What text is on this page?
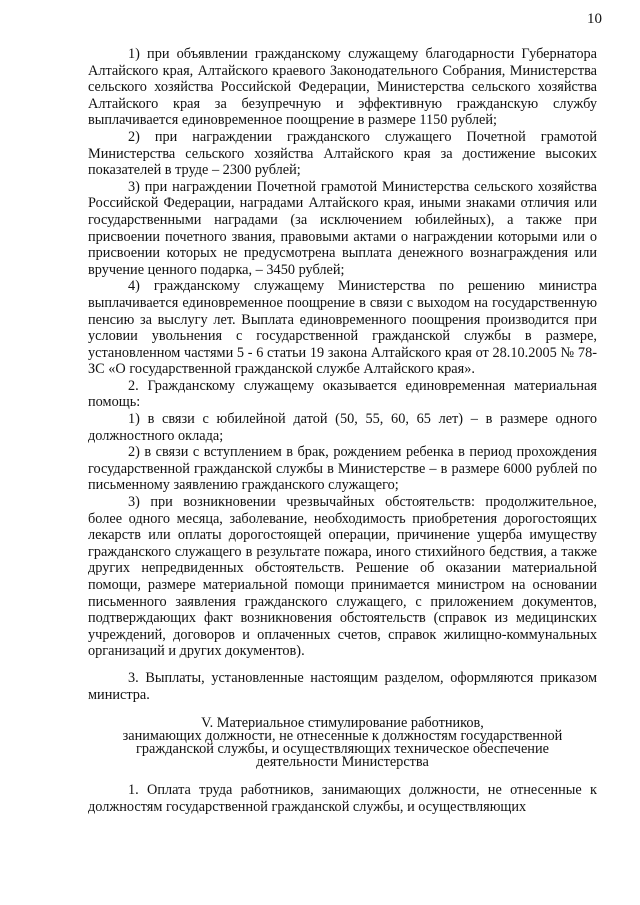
10

1) при объявлении гражданскому служащему благодарности Губернатора Алтайского края, Алтайского краевого Законодательного Собрания, Министерства сельского хозяйства Российской Федерации, Министерства сельского хозяйства Алтайского края за безупречную и эффективную гражданскую службу выплачивается единовременное поощрение в размере 1150 рублей;

2) при награждении гражданского служащего Почетной грамотой Министерства сельского хозяйства Алтайского края за достижение высоких показателей в труде – 2300 рублей;

3) при награждении Почетной грамотой Министерства сельского хозяйства Российской Федерации, наградами Алтайского края, иными знаками отличия или государственными наградами (за исключением юбилейных), а также при присвоении почетного звания, правовыми актами о награждении которыми или о присвоении которых не предусмотрена выплата денежного вознаграждения или вручение ценного подарка, – 3450 рублей;

4) гражданскому служащему Министерства по решению министра выплачивается единовременное поощрение в связи с выходом на государственную пенсию за выслугу лет. Выплата единовременного поощрения производится при условии увольнения с государственной гражданской службы в размере, установленном частями 5 - 6 статьи 19 закона Алтайского края от 28.10.2005 № 78-ЗС «О государственной гражданской службе Алтайского края».

2. Гражданскому служащему оказывается единовременная материальная помощь:

1) в связи с юбилейной датой (50, 55, 60, 65 лет) – в размере одного должностного оклада;

2) в связи с вступлением в брак, рождением ребенка в период прохождения государственной гражданской службы в Министерстве – в размере 6000 рублей по письменному заявлению гражданского служащего;

3) при возникновении чрезвычайных обстоятельств: продолжительное, более одного месяца, заболевание, необходимость приобретения дорогостоящих лекарств или оплаты дорогостоящей операции, причинение ущерба имуществу гражданского служащего в результате пожара, иного стихийного бедствия, а также других непредвиденных обстоятельств. Решение об оказании материальной помощи, размере материальной помощи принимается министром на основании письменного заявления гражданского служащего, с приложением документов, подтверждающих факт возникновения обстоятельств (справок из медицинских учреждений, договоров и оплаченных счетов, справок жилищно-коммунальных организаций и других документов).

3. Выплаты, установленные настоящим разделом, оформляются приказом министра.

V. Материальное стимулирование работников,
занимающих должности, не отнесенные к должностям государственной
гражданской службы, и осуществляющих техническое обеспечение
деятельности Министерства

1. Оплата труда работников, занимающих должности, не отнесенные к должностям государственной гражданской службы, и осуществляющих
